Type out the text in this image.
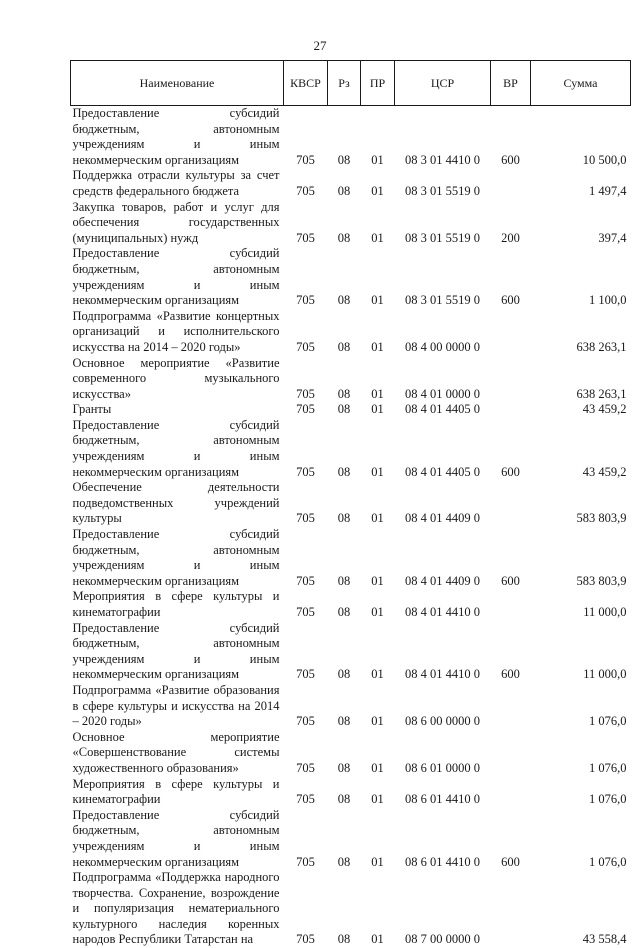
27
Наименование	КВСР	Рз	ПР	ЦСР	ВР	Сумма
Предоставление субсидий бюджетным, автономным учреждениям и иным некоммерческим организациям	705	08	01	08 3 01 4410 0	600	10 500,0
Поддержка отрасли культуры за счет средств федерального бюджета	705	08	01	08 3 01 5519 0		1 497,4
Закупка товаров, работ и услуг для обеспечения государственных (муниципальных) нужд	705	08	01	08 3 01 5519 0	200	397,4
Предоставление субсидий бюджетным, автономным учреждениям и иным некоммерческим организациям	705	08	01	08 3 01 5519 0	600	1 100,0
Подпрограмма «Развитие концертных организаций и исполнительского искусства на 2014 – 2020 годы»	705	08	01	08 4 00 0000 0		638 263,1
Основное мероприятие «Развитие современного музыкального искусства»	705	08	01	08 4 01 0000 0		638 263,1
Гранты	705	08	01	08 4 01 4405 0		43 459,2
Предоставление субсидий бюджетным, автономным учреждениям и иным некоммерческим организациям	705	08	01	08 4 01 4405 0	600	43 459,2
Обеспечение деятельности подведомственных учреждений культуры	705	08	01	08 4 01 4409 0		583 803,9
Предоставление субсидий бюджетным, автономным учреждениям и иным некоммерческим организациям	705	08	01	08 4 01 4409 0	600	583 803,9
Мероприятия в сфере культуры и кинематографии	705	08	01	08 4 01 4410 0		11 000,0
Предоставление субсидий бюджетным, автономным учреждениям и иным некоммерческим организациям	705	08	01	08 4 01 4410 0	600	11 000,0
Подпрограмма «Развитие образования в сфере культуры и искусства на 2014 – 2020 годы»	705	08	01	08 6 00 0000 0		1 076,0
Основное мероприятие «Совершенствование системы художественного образования»	705	08	01	08 6 01 0000 0		1 076,0
Мероприятия в сфере культуры и кинематографии	705	08	01	08 6 01 4410 0		1 076,0
Предоставление субсидий бюджетным, автономным учреждениям и иным некоммерческим организациям	705	08	01	08 6 01 4410 0	600	1 076,0
Подпрограмма «Поддержка народного творчества. Сохранение, возрождение и популяризация нематериального культурного наследия коренных народов Республики Татарстан на	705	08	01	08 7 00 0000 0		43 558,4
